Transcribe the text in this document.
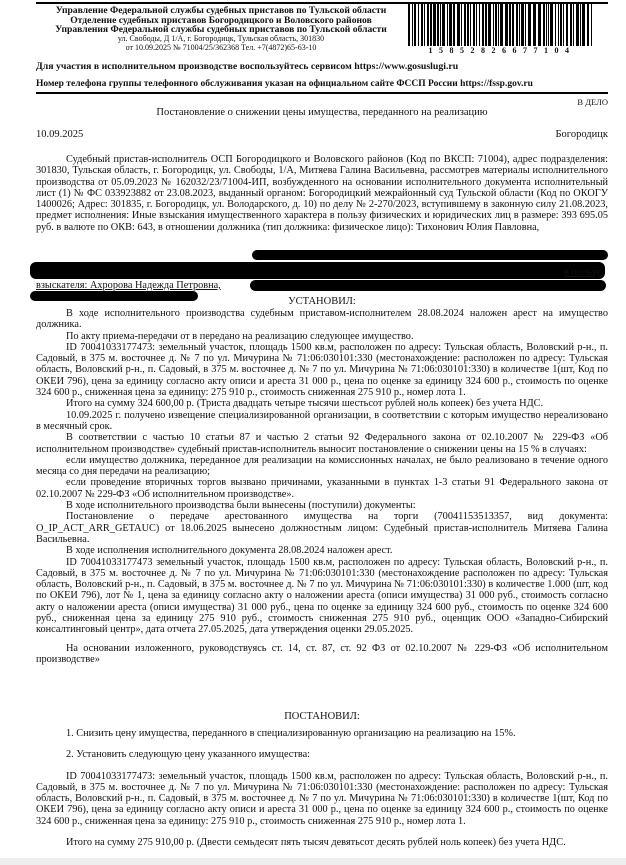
Управление Федеральной службы судебных приставов по Тульской области
Отделение судебных приставов Богородицкого и Воловского районов
Управления Федеральной службы судебных приставов по Тульской области
ул. Свободы, Д 1/А, г. Богородицк, Тульская область, 301830
от 10.09.2025 № 71004/25/362368 Тел. +7(4872)65-63-10	15852826677104
Для участия в исполнительном производстве воспользуйтесь сервисом https://www.gosuslugi.ru
Номер телефона группы телефонного обслуживания указан на официальном сайте ФССП России https://fssp.gov.ru
В ДЕЛО
Постановление о снижении цены имущества, переданного на реализацию
10.09.2025	Богородицк

Судебный пристав-исполнитель ОСП Богородицкого и Воловского районов (Код по ВКСП: 71004), адрес подразделения: 301830, Тульская область, г. Богородицк, ул. Свободы, 1/А, Митяева Галина Васильевна, рассмотрев материалы исполнительного производства от 05.09.2023 № 162032/23/71004-ИП, возбужденного на основании исполнительного документа исполнительный лист (1) № ФС 033923882 от 23.08.2023, выданный органом: Богородицкий межрайонный суд Тульской области (Код по ОКОГУ 1400026; Адрес: 301835, г. Богородицк, ул. Володарского, д. 10) по делу № 2-270/2023, вступившему в законную силу 21.08.2023, предмет исполнения: Иные взыскания имущественного характера в пользу физических и юридических лиц в размере: 393 695.05 руб. в валюте по ОКВ: 643, в отношении должника (тип должника: физическое лицо): Тихонович Юлия Павловна,

в пользу
взыскателя: Ахророва Надежда Петровна,
УСТАНОВИЛ:

В ходе исполнительного производства судебным приставом-исполнителем 28.08.2024 наложен арест на имущество должника.

По акту приема-передачи от в передано на реализацию следующее имущество.

ID 70041033177473: земельный участок, площадь 1500 кв.м, расположен по адресу: Тульская область, Воловский р-н., п. Садовый, в 375 м. восточнее д. № 7 по ул. Мичурина № 71:06:030101:330 (местонахождение: расположен по адресу: Тульская область, Воловский р-н., п. Садовый, в 375 м. восточнее д. № 7 по ул. Мичурина № 71:06:030101:330) в количестве 1(шт, Код по ОКЕИ 796), цена за единицу согласно акту описи и ареста 31 000 р., цена по оценке за единицу 324 600 р., стоимость по оценке 324 600 р., сниженная цена за единицу: 275 910 р., стоимость сниженная 275 910 р., номер лота 1.

Итого на сумму 324 600,00 р. (Триста двадцать четыре тысячи шестьсот рублей ноль копеек) без учета НДС.

10.09.2025 г. получено извещение специализированной организации, в соответствии с которым имущество нереализовано в месячный срок.

В соответствии с частью 10 статьи 87 и частью 2 статьи 92 Федерального закона от 02.10.2007 № 229-ФЗ «Об исполнительном производстве» судебный пристав-исполнитель выносит постановление о снижении цены на 15 % в случаях:

если имущество должника, переданное для реализации на комиссионных началах, не было реализовано в течение одного месяца со дня передачи на реализацию;

если проведение вторичных торгов вызвано причинами, указанными в пунктах 1-3 статьи 91 Федерального закона от 02.10.2007 № 229-ФЗ «Об исполнительном производстве».

В ходе исполнительного производства были вынесены (поступили) документы:

Постановление о передаче арестованного имущества на торги (70041153513357, вид документа: O_IP_ACT_ARR_GETAUC) от 18.06.2025 вынесено должностным лицом: Судебный пристав-исполнитель Митяева Галина Васильевна.

В ходе исполнения исполнительного документа 28.08.2024 наложен арест.

ID 70041033177473 земельный участок, площадь 1500 кв.м, расположен по адресу: Тульская область, Воловский р-н., п. Садовый, в 375 м. восточнее д. № 7 по ул. Мичурина № 71:06:030101:330 (местонахождение расположен по адресу: Тульская область, Воловский р-н., п. Садовый, в 375 м. восточнее д. № 7 по ул. Мичурина № 71:06:030101:330) в количестве 1.000 (шт, код по ОКЕИ 796), лот № 1, цена за единицу согласно акту о наложении ареста (описи имущества) 31 000 руб., стоимость согласно акту о наложении ареста (описи имущества) 31 000 руб., цена по оценке за единицу 324 600 руб., стоимость по оценке 324 600 руб., сниженная цена за единицу 275 910 руб., стоимость сниженная 275 910 руб., оценщик ООО «Западно-Сибирский консалтинговый центр», дата отчета 27.05.2025, дата утверждения оценки 29.05.2025.

На основании изложенного, руководствуясь ст. 14, ст. 87, ст. 92 ФЗ от 02.10.2007 № 229-ФЗ «Об исполнительном производстве»

ПОСТАНОВИЛ:

1. Снизить цену имущества, переданного в специализированную организацию на реализацию на 15%.

2. Установить следующую цену указанного имущества:

ID 70041033177473: земельный участок, площадь 1500 кв.м, расположен по адресу: Тульская область, Воловский р-н., п. Садовый, в 375 м. восточнее д. № 7 по ул. Мичурина № 71:06:030101:330 (местонахождение: расположен по адресу: Тульская область, Воловский р-н., п. Садовый, в 375 м. восточнее д. № 7 по ул. Мичурина № 71:06:030101:330) в количестве 1(шт, Код по ОКЕИ 796), цена за единицу согласно акту описи и ареста 31 000 р., цена по оценке за единицу 324 600 р., стоимость по оценке 324 600 р., сниженная цена за единицу: 275 910 р., стоимость сниженная 275 910 р., номер лота 1.

Итого на сумму 275 910,00 р. (Двести семьдесят пять тысяч девятьсот десять рублей ноль копеек) без учета НДС.
